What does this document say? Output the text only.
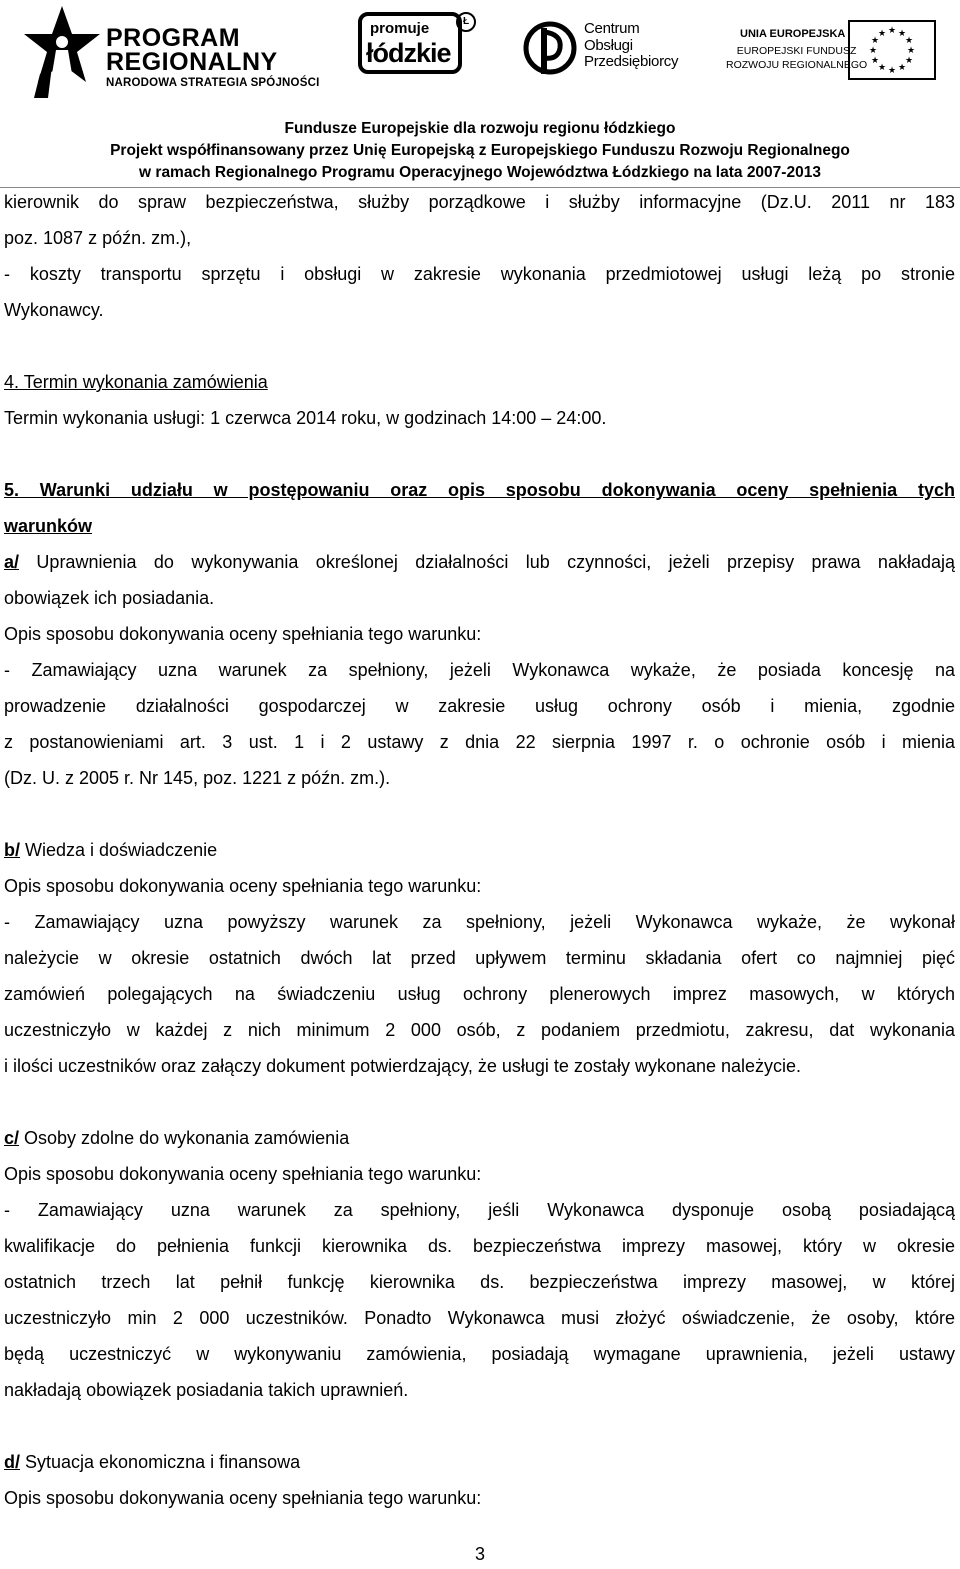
PROGRAM
REGIONALNY
NARODOWA STRATEGIA SPÓJNOŚCI
promuje
łódzkie
Ł	Centrum
Obsługi
Przedsiębiorcy
UNIA EUROPEJSKA
EUROPEJSKI FUNDUSZ
ROZWOJU REGIONALNEGO
★ ★
★
★
★
★
★
★
★
★
★
★
Fundusze Europejskie dla rozwoju regionu łódzkiego
Projekt współfinansowany przez Unię Europejską z Europejskiego Funduszu Rozwoju Regionalnego
w ramach Regionalnego Programu Operacyjnego Województwa Łódzkiego na lata 2007-2013

kierownik do spraw bezpieczeństwa, służby porządkowe i służby informacyjne (Dz.U. 2011 nr 183

poz. 1087 z późn. zm.),

- koszty transportu sprzętu i obsługi w zakresie wykonania przedmiotowej usługi leżą po stronie

Wykonawcy.

4. Termin wykonania zamówienia

Termin wykonania usługi: 1 czerwca 2014 roku, w godzinach 14:00 – 24:00.

5. Warunki udziału w postępowaniu oraz opis sposobu dokonywania oceny spełnienia tych

warunków

a/ Uprawnienia do wykonywania określonej działalności lub czynności, jeżeli przepisy prawa nakładają

obowiązek ich posiadania.

Opis sposobu dokonywania oceny spełniania tego warunku:

- Zamawiający uzna warunek za spełniony, jeżeli Wykonawca wykaże, że posiada koncesję na

prowadzenie działalności gospodarczej w zakresie usług ochrony osób i mienia, zgodnie

z postanowieniami art. 3 ust. 1 i 2 ustawy z dnia 22 sierpnia 1997 r. o ochronie osób i mienia

(Dz. U. z 2005 r. Nr 145, poz. 1221 z późn. zm.).

b/ Wiedza i doświadczenie

Opis sposobu dokonywania oceny spełniania tego warunku:

- Zamawiający uzna powyższy warunek za spełniony, jeżeli Wykonawca wykaże, że wykonał

należycie w okresie ostatnich dwóch lat przed upływem terminu składania ofert co najmniej pięć

zamówień polegających na świadczeniu usług ochrony plenerowych imprez masowych, w których

uczestniczyło w każdej z nich minimum 2 000 osób, z podaniem przedmiotu, zakresu, dat wykonania

i ilości uczestników oraz załączy dokument potwierdzający, że usługi te zostały wykonane należycie.

c/ Osoby zdolne do wykonania zamówienia

Opis sposobu dokonywania oceny spełniania tego warunku:

- Zamawiający uzna warunek za spełniony, jeśli Wykonawca dysponuje osobą posiadającą

kwalifikacje do pełnienia funkcji kierownika ds. bezpieczeństwa imprezy masowej, który w okresie

ostatnich trzech lat pełnił funkcję kierownika ds. bezpieczeństwa imprezy masowej, w której

uczestniczyło min 2 000 uczestników. Ponadto Wykonawca musi złożyć oświadczenie, że osoby, które

będą uczestniczyć w wykonywaniu zamówienia, posiadają wymagane uprawnienia, jeżeli ustawy

nakładają obowiązek posiadania takich uprawnień.

d/ Sytuacja ekonomiczna i finansowa

Opis sposobu dokonywania oceny spełniania tego warunku:

3
